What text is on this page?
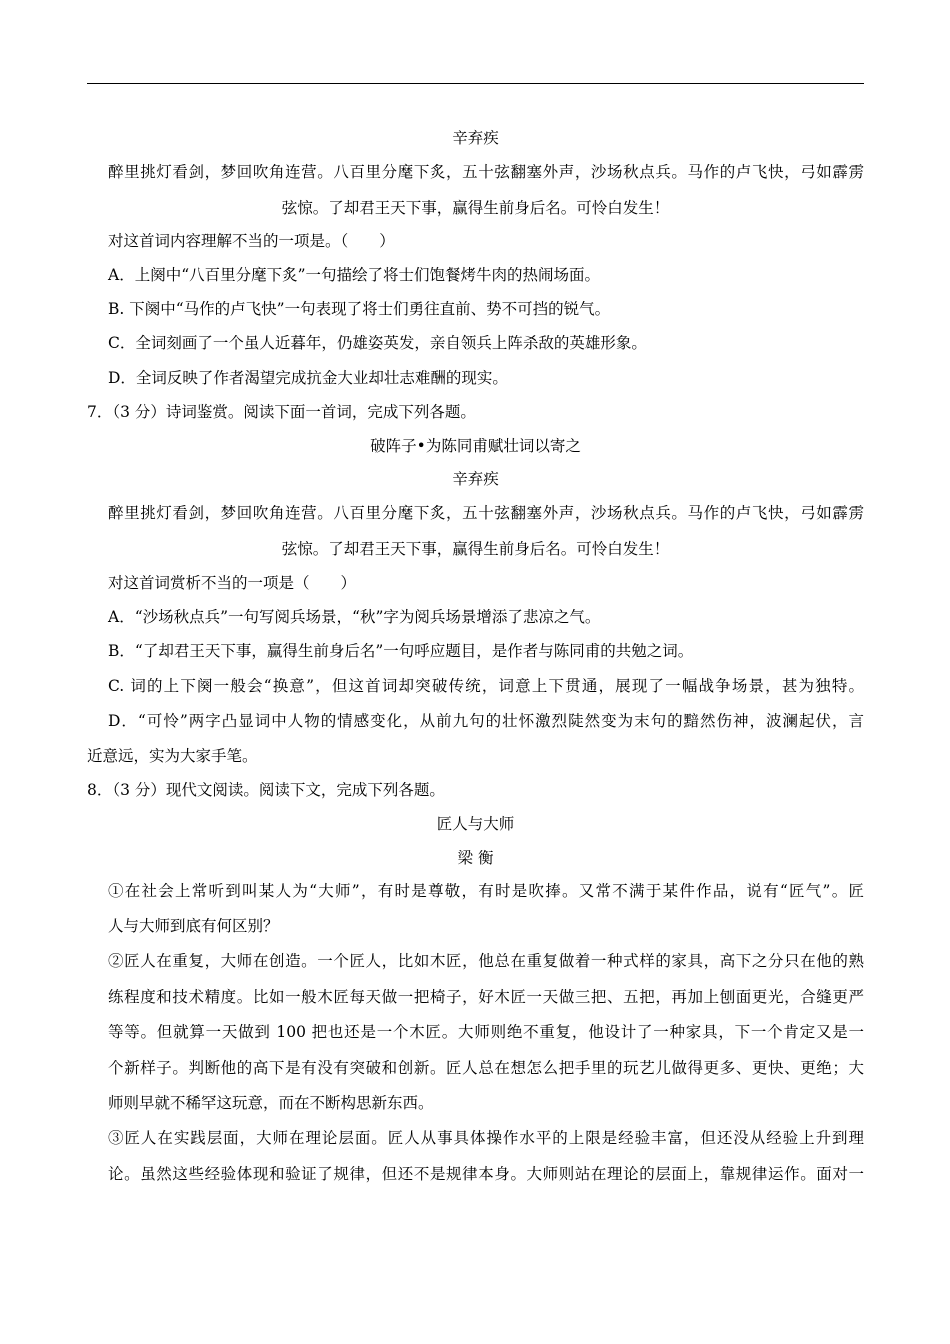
辛弃疾
醉里挑灯看剑，梦回吹角连营。八百里分麾下炙，五十弦翻塞外声，沙场秋点兵。马作的卢飞快，弓如霹雳
弦惊。了却君王天下事，赢得生前身后名。可怜白发生！
对这首词内容理解不当的一项是。（　　）
A．上阕中“八百里分麾下炙”一句描绘了将士们饱餐烤牛肉的热闹场面。
B. 下阕中“马作的卢飞快”一句表现了将士们勇往直前、势不可挡的锐气。
C．全词刻画了一个虽人近暮年，仍雄姿英发，亲自领兵上阵杀敌的英雄形象。
D．全词反映了作者渴望完成抗金大业却壮志难酬的现实。
7．（3 分）诗词鉴赏。阅读下面一首词，完成下列各题。
破阵子•为陈同甫赋壮词以寄之
辛弃疾
醉里挑灯看剑，梦回吹角连营。八百里分麾下炙，五十弦翻塞外声，沙场秋点兵。马作的卢飞快，弓如霹雳
弦惊。了却君王天下事，赢得生前身后名。可怜白发生！
对这首词赏析不当的一项是（　　）
A．“沙场秋点兵”一句写阅兵场景，“秋”字为阅兵场景增添了悲凉之气。
B．“了却君王天下事，赢得生前身后名”一句呼应题目，是作者与陈同甫的共勉之词。
C. 词的上下阕一般会“换意”，但这首词却突破传统，词意上下贯通，展现了一幅战争场景，甚为独特。
D．“可怜”两字凸显词中人物的情感变化，从前九句的壮怀激烈陡然变为末句的黯然伤神，波澜起伏，言
近意远，实为大家手笔。
8．（3 分）现代文阅读。阅读下文，完成下列各题。
匠人与大师
梁 衡
①在社会上常听到叫某人为“大师”，有时是尊敬，有时是吹捧。又常不满于某件作品，说有“匠气”。匠
人与大师到底有何区别？
②匠人在重复，大师在创造。一个匠人，比如木匠，他总在重复做着一种式样的家具，高下之分只在他的熟
练程度和技术精度。比如一般木匠每天做一把椅子，好木匠一天做三把、五把，再加上刨面更光，合缝更严
等等。但就算一天做到 100 把也还是一个木匠。大师则绝不重复，他设计了一种家具，下一个肯定又是一
个新样子。判断他的高下是有没有突破和创新。匠人总在想怎么把手里的玩艺儿做得更多、更快、更绝；大
师则早就不稀罕这玩意，而在不断构思新东西。
③匠人在实践层面，大师在理论层面。匠人从事具体操作水平的上限是经验丰富，但还没从经验上升到理
论。虽然这些经验体现和验证了规律，但还不是规律本身。大师则站在理论的层面上，靠规律运作。面对一
